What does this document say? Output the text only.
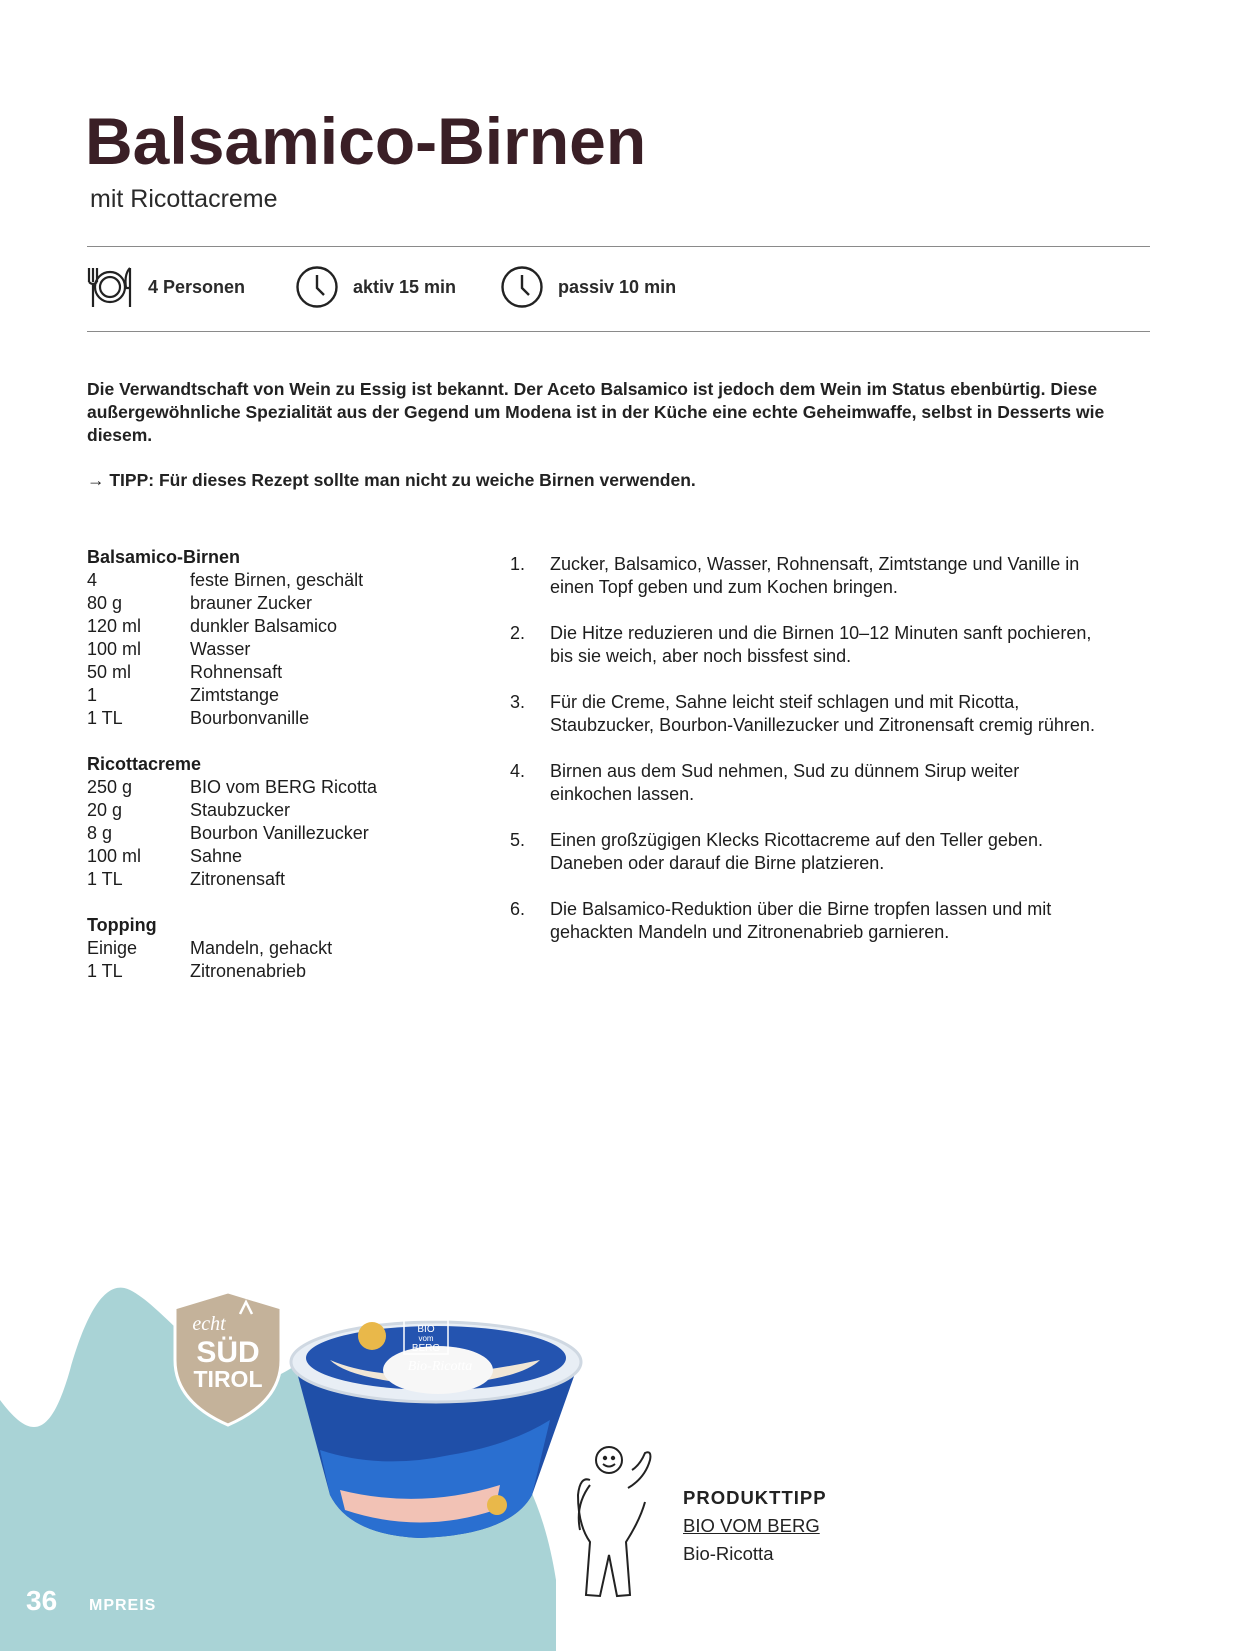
Balsamico-Birnen
mit Ricottacreme
4 Personen	aktiv 15 min	passiv 10 min
Die Verwandtschaft von Wein zu Essig ist bekannt. Der Aceto Balsamico ist jedoch dem Wein im Status ebenbürtig. Diese außergewöhnliche Spezialität aus der Gegend um Modena ist in der Küche eine echte Geheimwaffe, selbst in Desserts wie diesem.
→ TIPP: Für dieses Rezept sollte man nicht zu weiche Birnen verwenden.
Balsamico-Birnen
4	feste Birnen, geschält
80 g	brauner Zucker
120 ml	dunkler Balsamico
100 ml	Wasser
50 ml	Rohnensaft
1	Zimtstange
1 TL	Bourbonvanille
Ricottacreme
250 g	BIO vom BERG Ricotta
20 g	Staubzucker
8 g	Bourbon Vanillezucker
100 ml	Sahne
1 TL	Zitronensaft
Topping
Einige	Mandeln, gehackt
1 TL	Zitronenabrieb
1.	Zucker, Balsamico, Wasser, Rohnensaft, Zimtstange und Vanille in einen Topf geben und zum Kochen bringen.
2.	Die Hitze reduzieren und die Birnen 10–12 Minuten sanft pochieren, bis sie weich, aber noch bissfest sind.
3.	Für die Creme, Sahne leicht steif schlagen und mit Ricotta, Staubzucker, Bourbon-Vanillezucker und Zitronensaft cremig rühren.
4.	Birnen aus dem Sud nehmen, Sud zu dünnem Sirup weiter einkochen lassen.
5.	Einen großzügigen Klecks Ricottacreme auf den Teller geben. Daneben oder darauf die Birne platzieren.
6.	Die Balsamico-Reduktion über die Birne tropfen lassen und mit gehackten Mandeln und Zitronenabrieb garnieren.
echt
SÜD
TIROL
BIO
vom
BERG
Bio-Ricotta
PRODUKTTIPP
BIO VOM BERG
Bio-Ricotta
36 MPREIS
